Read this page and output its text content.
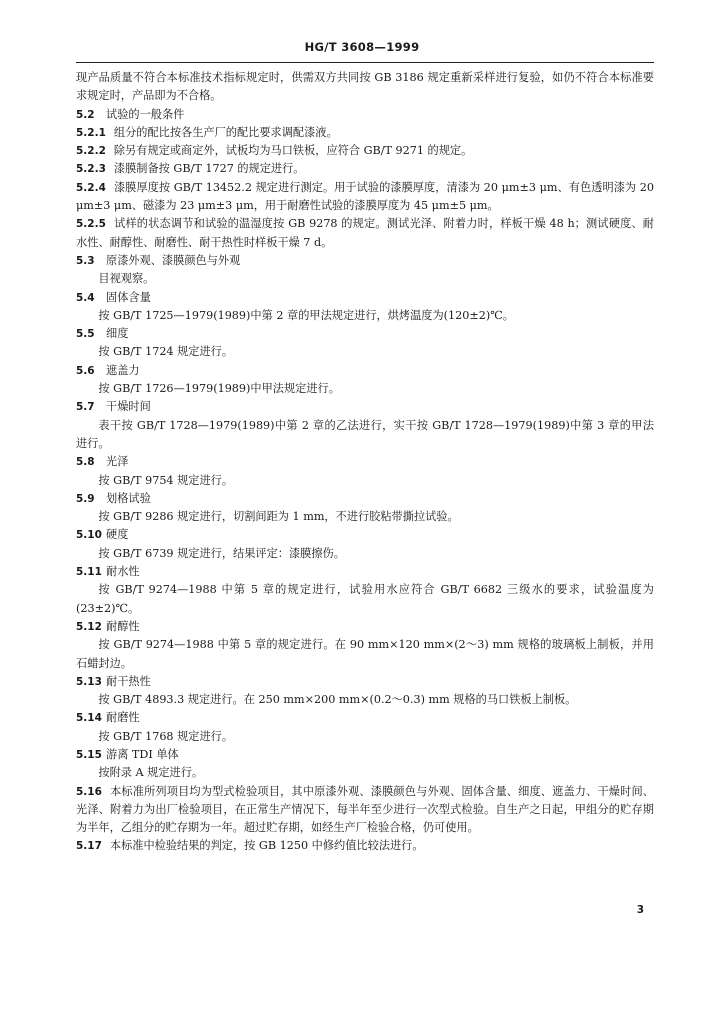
HG/T 3608—1999

现产品质量不符合本标准技术指标规定时，供需双方共同按 GB 3186 规定重新采样进行复验，如仍不符合本标准要求规定时，产品即为不合格。

5.2 试验的一般条件

5.2.1 组分的配比按各生产厂的配比要求调配漆液。

5.2.2 除另有规定或商定外，试板均为马口铁板，应符合 GB/T 9271 的规定。

5.2.3 漆膜制备按 GB/T 1727 的规定进行。

5.2.4 漆膜厚度按 GB/T 13452.2 规定进行测定。用于试验的漆膜厚度，清漆为 20 μm±3 μm、有色透明漆为 20 μm±3 μm、磁漆为 23 μm±3 μm，用于耐磨性试验的漆膜厚度为 45 μm±5 μm。

5.2.5 试样的状态调节和试验的温湿度按 GB 9278 的规定。测试光泽、附着力时，样板干燥 48 h；测试硬度、耐水性、耐醇性、耐磨性、耐干热性时样板干燥 7 d。

5.3 原漆外观、漆膜颜色与外观

目视观察。

5.4 固体含量

按 GB/T 1725—1979(1989)中第 2 章的甲法规定进行，烘烤温度为(120±2)℃。

5.5 细度

按 GB/T 1724 规定进行。

5.6 遮盖力

按 GB/T 1726—1979(1989)中甲法规定进行。

5.7 干燥时间

表干按 GB/T 1728—1979(1989)中第 2 章的乙法进行，实干按 GB/T 1728—1979(1989)中第 3 章的甲法进行。

5.8 光泽

按 GB/T 9754 规定进行。

5.9 划格试验

按 GB/T 9286 规定进行，切割间距为 1 mm，不进行胶粘带撕拉试验。

5.10 硬度

按 GB/T 6739 规定进行，结果评定：漆膜擦伤。

5.11 耐水性

按 GB/T 9274—1988 中第 5 章的规定进行，试验用水应符合 GB/T 6682 三级水的要求，试验温度为(23±2)℃。

5.12 耐醇性

按 GB/T 9274—1988 中第 5 章的规定进行。在 90 mm×120 mm×(2～3) mm 规格的玻璃板上制板，并用石蜡封边。

5.13 耐干热性

按 GB/T 4893.3 规定进行。在 250 mm×200 mm×(0.2～0.3) mm 规格的马口铁板上制板。

5.14 耐磨性

按 GB/T 1768 规定进行。

5.15 游离 TDI 单体

按附录 A 规定进行。

5.16 本标准所列项目均为型式检验项目，其中原漆外观、漆膜颜色与外观、固体含量、细度、遮盖力、干燥时间、光泽、附着力为出厂检验项目，在正常生产情况下，每半年至少进行一次型式检验。自生产之日起，甲组分的贮存期为半年，乙组分的贮存期为一年。超过贮存期，如经生产厂检验合格，仍可使用。

5.17 本标准中检验结果的判定，按 GB 1250 中修约值比较法进行。

3
